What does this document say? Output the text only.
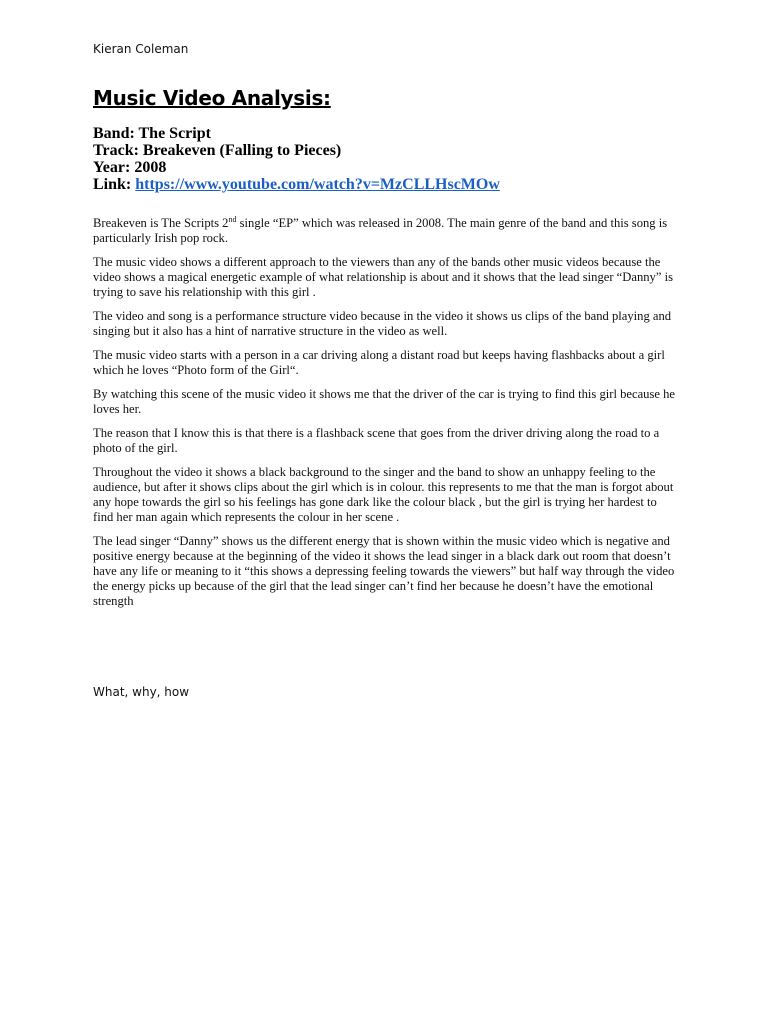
Kieran Coleman
Music Video Analysis:
Band: The Script
Track: Breakeven (Falling to Pieces)
Year: 2008
Link: https://www.youtube.com/watch?v=MzCLLHscMOw

Breakeven is The Scripts 2nd single “EP” which was released in 2008. The main genre of the band and this song is particularly Irish pop rock.

The music video shows a different approach to the viewers than any of the bands other music videos because the video shows a magical energetic example of what relationship is about and it shows that the lead singer “Danny” is trying to save his relationship with this girl .

The video and song is a performance structure video because in the video it shows us clips of the band playing and singing but it also has a hint of narrative structure in the video as well.

The music video starts with a person in a car driving along a distant road but keeps having flashbacks about a girl which he loves “Photo form of the Girl“.

By watching this scene of the music video it shows me that the driver of the car is trying to find this girl because he loves her.

The reason that I know this is that there is a flashback scene that goes from the driver driving along the road to a photo of the girl.

Throughout the video it shows a black background to the singer and the band to show an unhappy feeling to the audience, but after it shows clips about the girl which is in colour. this represents to me that the man is forgot about any hope towards the girl so his feelings has gone dark like the colour black , but the girl is trying her hardest to find her man again which represents the colour in her scene .

The lead singer “Danny” shows us the different energy that is shown within the music video which is negative and positive energy because at the beginning of the video it shows the lead singer in a black dark out room that doesn’t have any life or meaning to it “this shows a depressing feeling towards the viewers” but half way through the video the energy picks up because of the girl that the lead singer can’t find her because he doesn’t have the emotional strength

What, why, how
